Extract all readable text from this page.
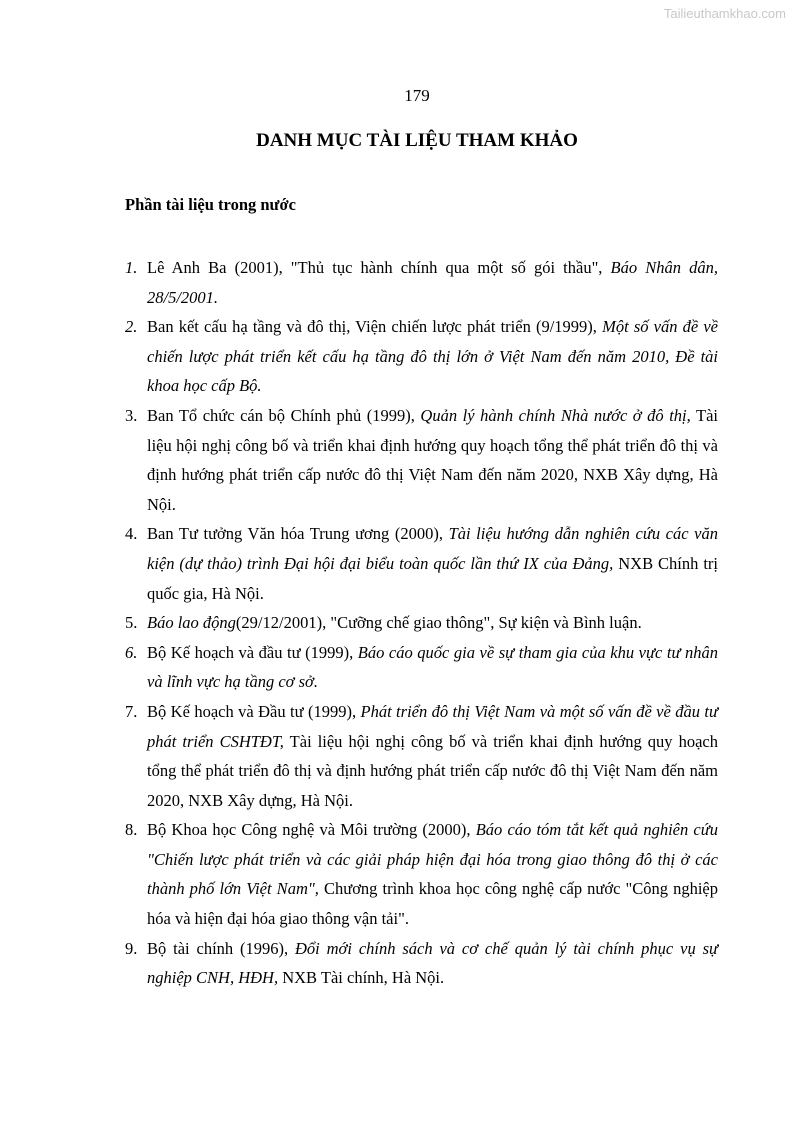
Tailieuthamkhao.com
179
DANH MỤC TÀI LIỆU THAM KHẢO
Phần tài liệu trong nước

1. Lê Anh Ba (2001), "Thủ tục hành chính qua một số gói thầu", Báo Nhân dân, 28/5/2001.

2. Ban kết cấu hạ tầng và đô thị, Viện chiến lược phát triển (9/1999), Một số vấn đề về chiến lược phát triển kết cấu hạ tầng đô thị lớn ở Việt Nam đến năm 2010, Đề tài khoa học cấp Bộ.

3. Ban Tổ chức cán bộ Chính phủ (1999), Quản lý hành chính Nhà nước ở đô thị, Tài liệu hội nghị công bố và triển khai định hướng quy hoạch tổng thể phát triển đô thị và định hướng phát triển cấp nước đô thị Việt Nam đến năm 2020, NXB Xây dựng, Hà Nội.

4. Ban Tư tưởng Văn hóa Trung ương (2000), Tài liệu hướng dẫn nghiên cứu các văn kiện (dự thảo) trình Đại hội đại biểu toàn quốc lần thứ IX của Đảng, NXB Chính trị quốc gia, Hà Nội.

5. Báo lao động(29/12/2001), "Cưỡng chế giao thông", Sự kiện và Bình luận.

6. Bộ Kế hoạch và đầu tư (1999), Báo cáo quốc gia về sự tham gia của khu vực tư nhân và lĩnh vực hạ tầng cơ sở.

7. Bộ Kế hoạch và Đầu tư (1999), Phát triển đô thị Việt Nam và một số vấn đề về đầu tư phát triển CSHTĐT, Tài liệu hội nghị công bố và triển khai định hướng quy hoạch tổng thể phát triển đô thị và định hướng phát triển cấp nước đô thị Việt Nam đến năm 2020, NXB Xây dựng, Hà Nội.

8. Bộ Khoa học Công nghệ và Môi trường (2000), Báo cáo tóm tắt kết quả nghiên cứu "Chiến lược phát triển và các giải pháp hiện đại hóa trong giao thông đô thị ở các thành phố lớn Việt Nam", Chương trình khoa học công nghệ cấp nước "Công nghiệp hóa và hiện đại hóa giao thông vận tải".

9. Bộ tài chính (1996), Đổi mới chính sách và cơ chế quản lý tài chính phục vụ sự nghiệp CNH, HĐH, NXB Tài chính, Hà Nội.
